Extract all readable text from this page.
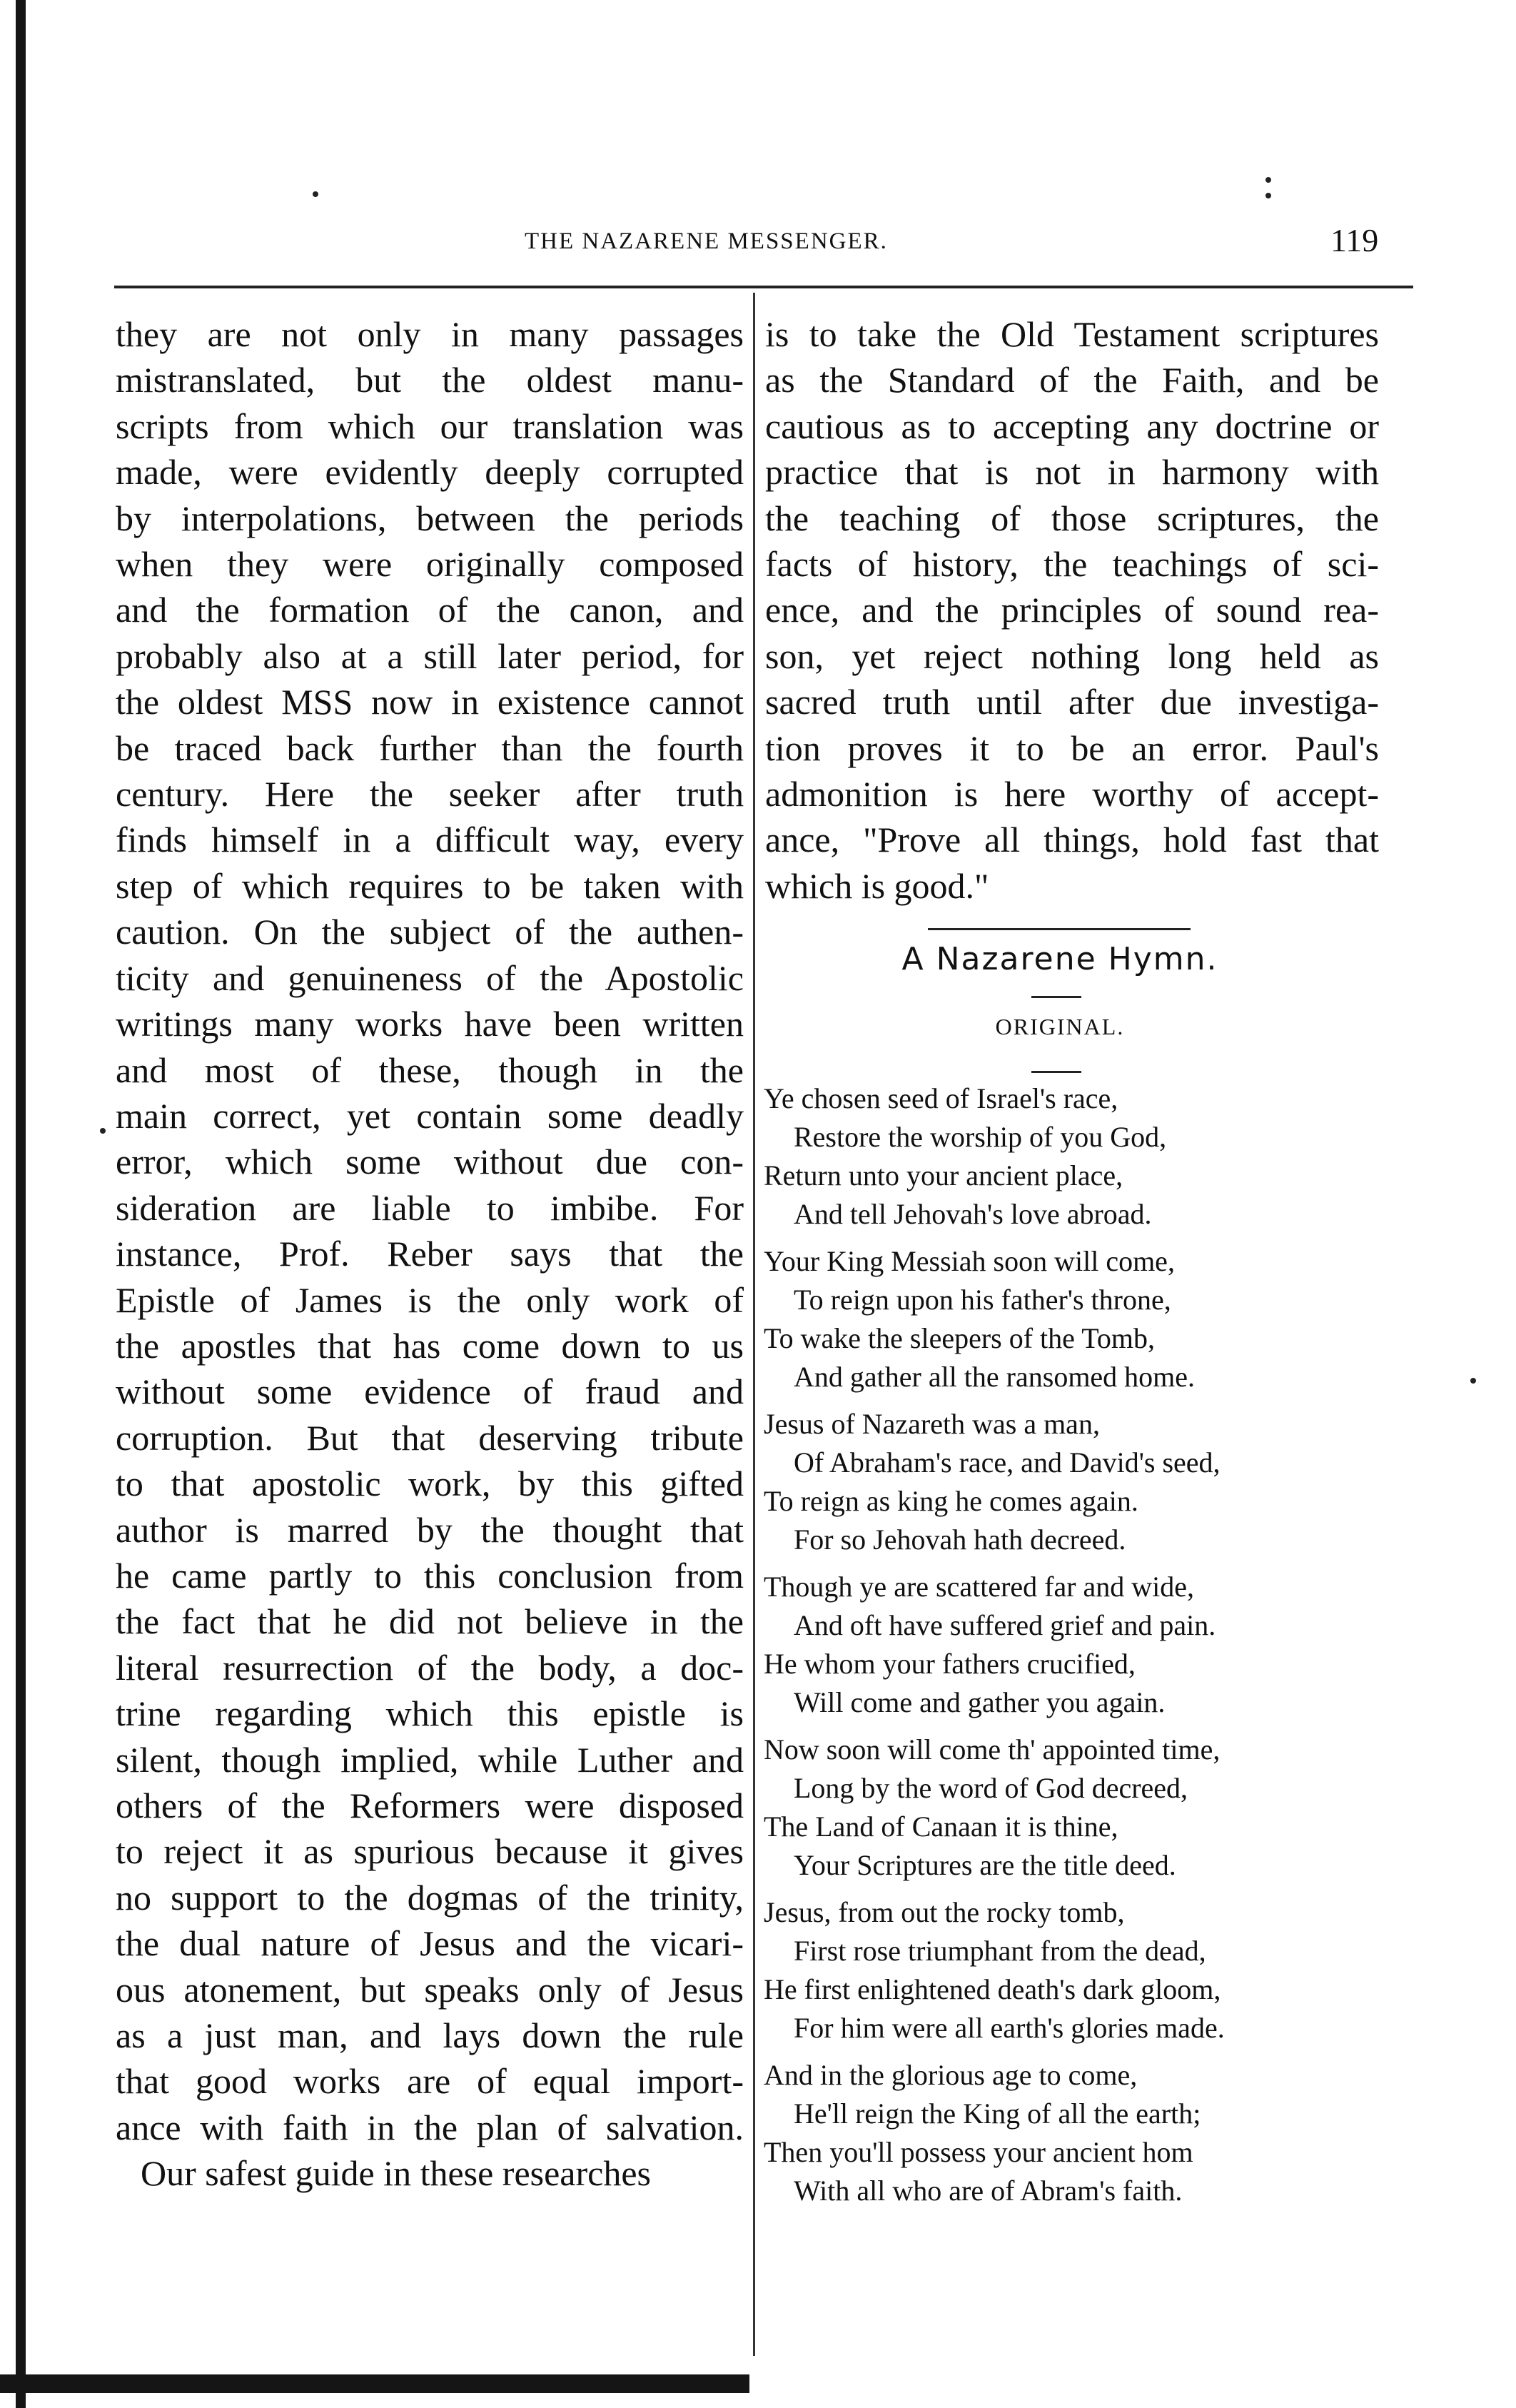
THE NAZARENE MESSENGER.	119
they are not only in many passages
mistranslated, but the oldest manu-
scripts from which our translation was
made, were evidently deeply corrupted
by interpolations, between the periods
when they were originally composed
and the formation of the canon, and
probably also at a still later period, for
the oldest MSS now in existence cannot
be traced back further than the fourth
century. Here the seeker after truth
finds himself in a difficult way, every
step of which requires to be taken with
caution. On the subject of the authen-
ticity and genuineness of the Apostolic
writings many works have been written
and most of these, though in the
main correct, yet contain some deadly
error, which some without due con-
sideration are liable to imbibe. For
instance, Prof. Reber says that the
Epistle of James is the only work of
the apostles that has come down to us
without some evidence of fraud and
corruption. But that deserving tribute
to that apostolic work, by this gifted
author is marred by the thought that
he came partly to this conclusion from
the fact that he did not believe in the
literal resurrection of the body, a doc-
trine regarding which this epistle is
silent, though implied, while Luther and
others of the Reformers were disposed
to reject it as spurious because it gives
no support to the dogmas of the trinity,
the dual nature of Jesus and the vicari-
ous atonement, but speaks only of Jesus
as a just man, and lays down the rule
that good works are of equal import-
ance with faith in the plan of salvation.
Our safest guide in these researches
is to take the Old Testament scriptures
as the Standard of the Faith, and be
cautious as to accepting any doctrine or
practice that is not in harmony with
the teaching of those scriptures, the
facts of history, the teachings of sci-
ence, and the principles of sound rea-
son, yet reject nothing long held as
sacred truth until after due investiga-
tion proves it to be an error. Paul's
admonition is here worthy of accept-
ance, "Prove all things, hold fast that
which is good."
A Nazarene Hymn.
ORIGINAL.
Ye chosen seed of Israel's race,
Restore the worship of you God,
Return unto your ancient place,
And tell Jehovah's love abroad.
Your King Messiah soon will come,
To reign upon his father's throne,
To wake the sleepers of the Tomb,
And gather all the ransomed home.
Jesus of Nazareth was a man,
Of Abraham's race, and David's seed,
To reign as king he comes again.
For so Jehovah hath decreed.
Though ye are scattered far and wide,
And oft have suffered grief and pain.
He whom your fathers crucified,
Will come and gather you again.
Now soon will come th' appointed time,
Long by the word of God decreed,
The Land of Canaan it is thine,
Your Scriptures are the title deed.
Jesus, from out the rocky tomb,
First rose triumphant from the dead,
He first enlightened death's dark gloom,
For him were all earth's glories made.
And in the glorious age to come,
He'll reign the King of all the earth;
Then you'll possess your ancient hom
With all who are of Abram's faith.
